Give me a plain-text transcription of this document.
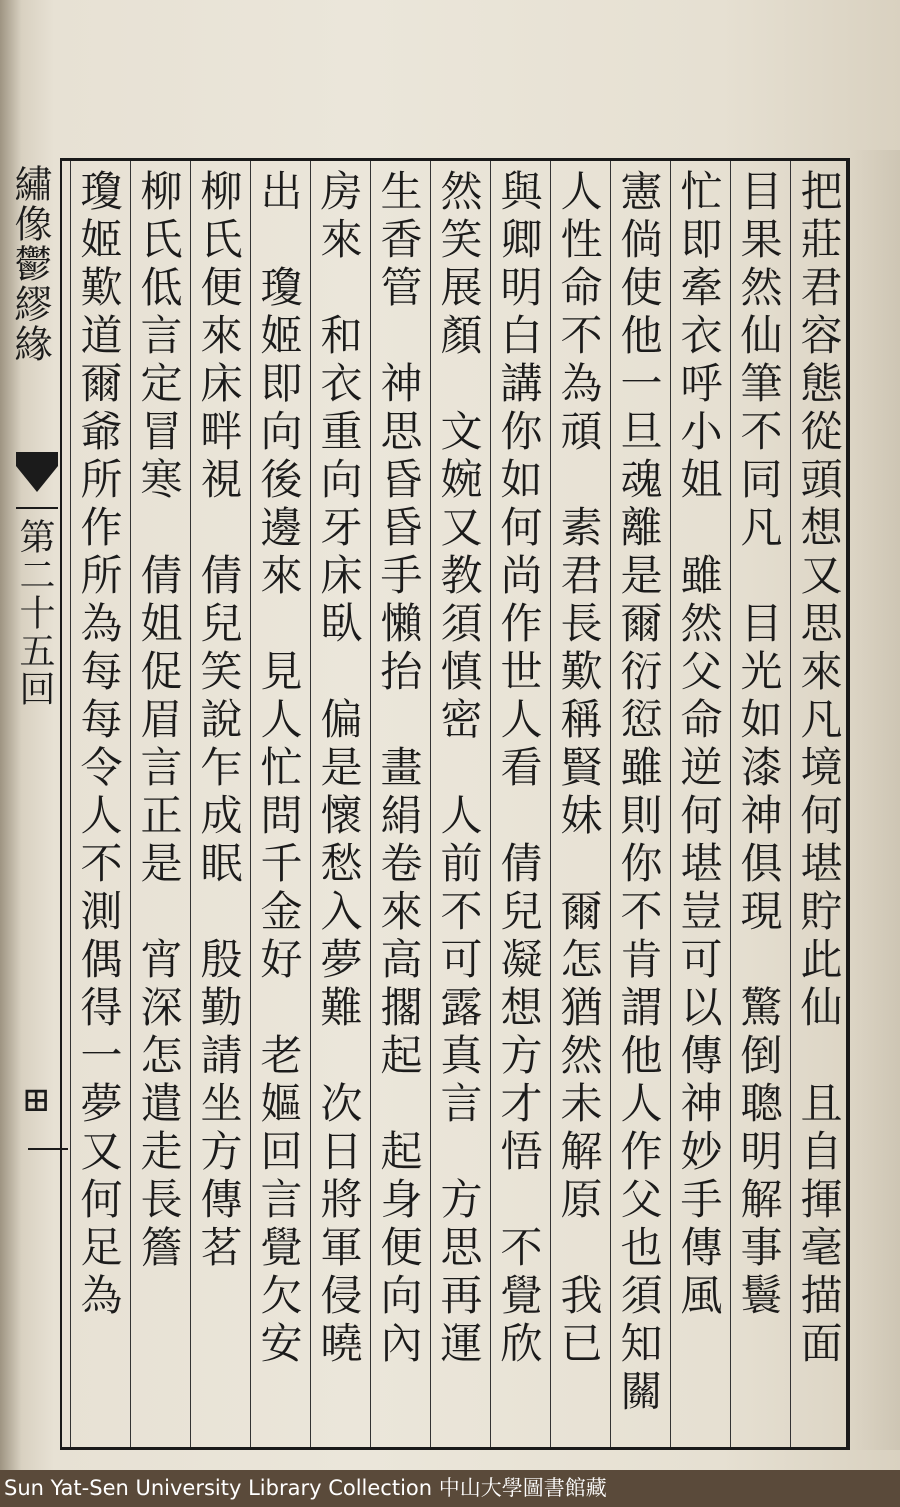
繡像鬱繆緣
第二十五回
⊞	把莊君容態從頭想又思來凡境何堪貯此仙　且自揮毫描面
目果然仙筆不同凡　目光如漆神俱現　驚倒聰明解事鬟
忙即牽衣呼小姐　雖然父命逆何堪豈可以傳神妙手傳風
憲倘使他一旦魂離是爾衍愆雖則你不肯謂他人作父也須知關
人性命不為頑　素君長歎稱賢妹　爾怎猶然未解原　我已
與卿明白講你如何尚作世人看　倩兒凝想方才悟　不覺欣
然笑展顏　文婉又教須慎密　人前不可露真言　方思再運
生香管　神思昏昏手懶抬　畫絹卷來高擱起　起身便向內
房來　和衣重向牙床臥　偏是懷愁入夢難　次日將軍侵曉
出　瓊姬即向後邊來　見人忙問千金好　老嫗回言覺欠安
柳氏便來床畔視　倩兒笑說乍成眠　殷勤請坐方傳茗
柳氏低言定冒寒　倩姐促眉言正是　宵深怎遣走長簷
瓊姬歎道爾爺所作所為每每令人不測偶得一夢又何足為
Sun Yat-Sen University Library Collection 中山大學圖書館藏
